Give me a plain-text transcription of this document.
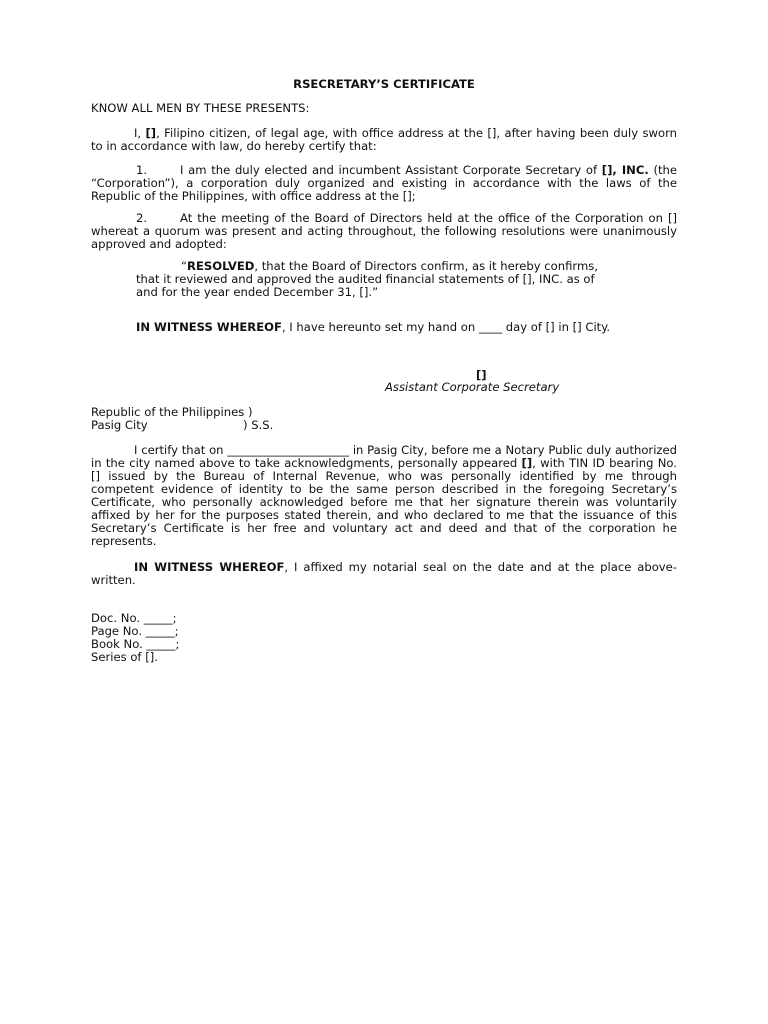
RSECRETARY’S CERTIFICATE
KNOW ALL MEN BY THESE PRESENTS:
I, [], Filipino citizen, of legal age, with office address at the [], after having been duly sworn to in accordance with law, do hereby certify that:
1.	I am the duly elected and incumbent Assistant Corporate Secretary of [], INC. (the “Corporation”), a corporation duly organized and existing in accordance with the laws of the Republic of the Philippines, with office address at the [];
2.	At the meeting of the Board of Directors held at the office of the Corporation on [] whereat a quorum was present and acting throughout, the following resolutions were unanimously approved and adopted:
“RESOLVED, that the Board of Directors confirm, as it hereby confirms,
that it reviewed and approved the audited financial statements of [], INC. as of
and for the year ended December 31, [].”
IN WITNESS WHEREOF, I have hereunto set my hand on ____ day of [] in [] City.
[]
Assistant Corporate Secretary
Republic of the Philippines )
Pasig City	) S.S.
I certify that on _____________________ in Pasig City, before me a Notary Public duly authorized in the city named above to take acknowledgments, personally appeared [], with TIN ID bearing No. [] issued by the Bureau of Internal Revenue, who was personally identified by me through competent evidence of identity to be the same person described in the foregoing Secretary’s Certificate, who personally acknowledged before me that her signature therein was voluntarily affixed by her for the purposes stated therein, and who declared to me that the issuance of this Secretary’s Certificate is her free and voluntary act and deed and that of the corporation he represents.
IN WITNESS WHEREOF, I affixed my notarial seal on the date and at the place above-written.
Doc. No. _____;
Page No. _____;
Book No. _____;
Series of [].
